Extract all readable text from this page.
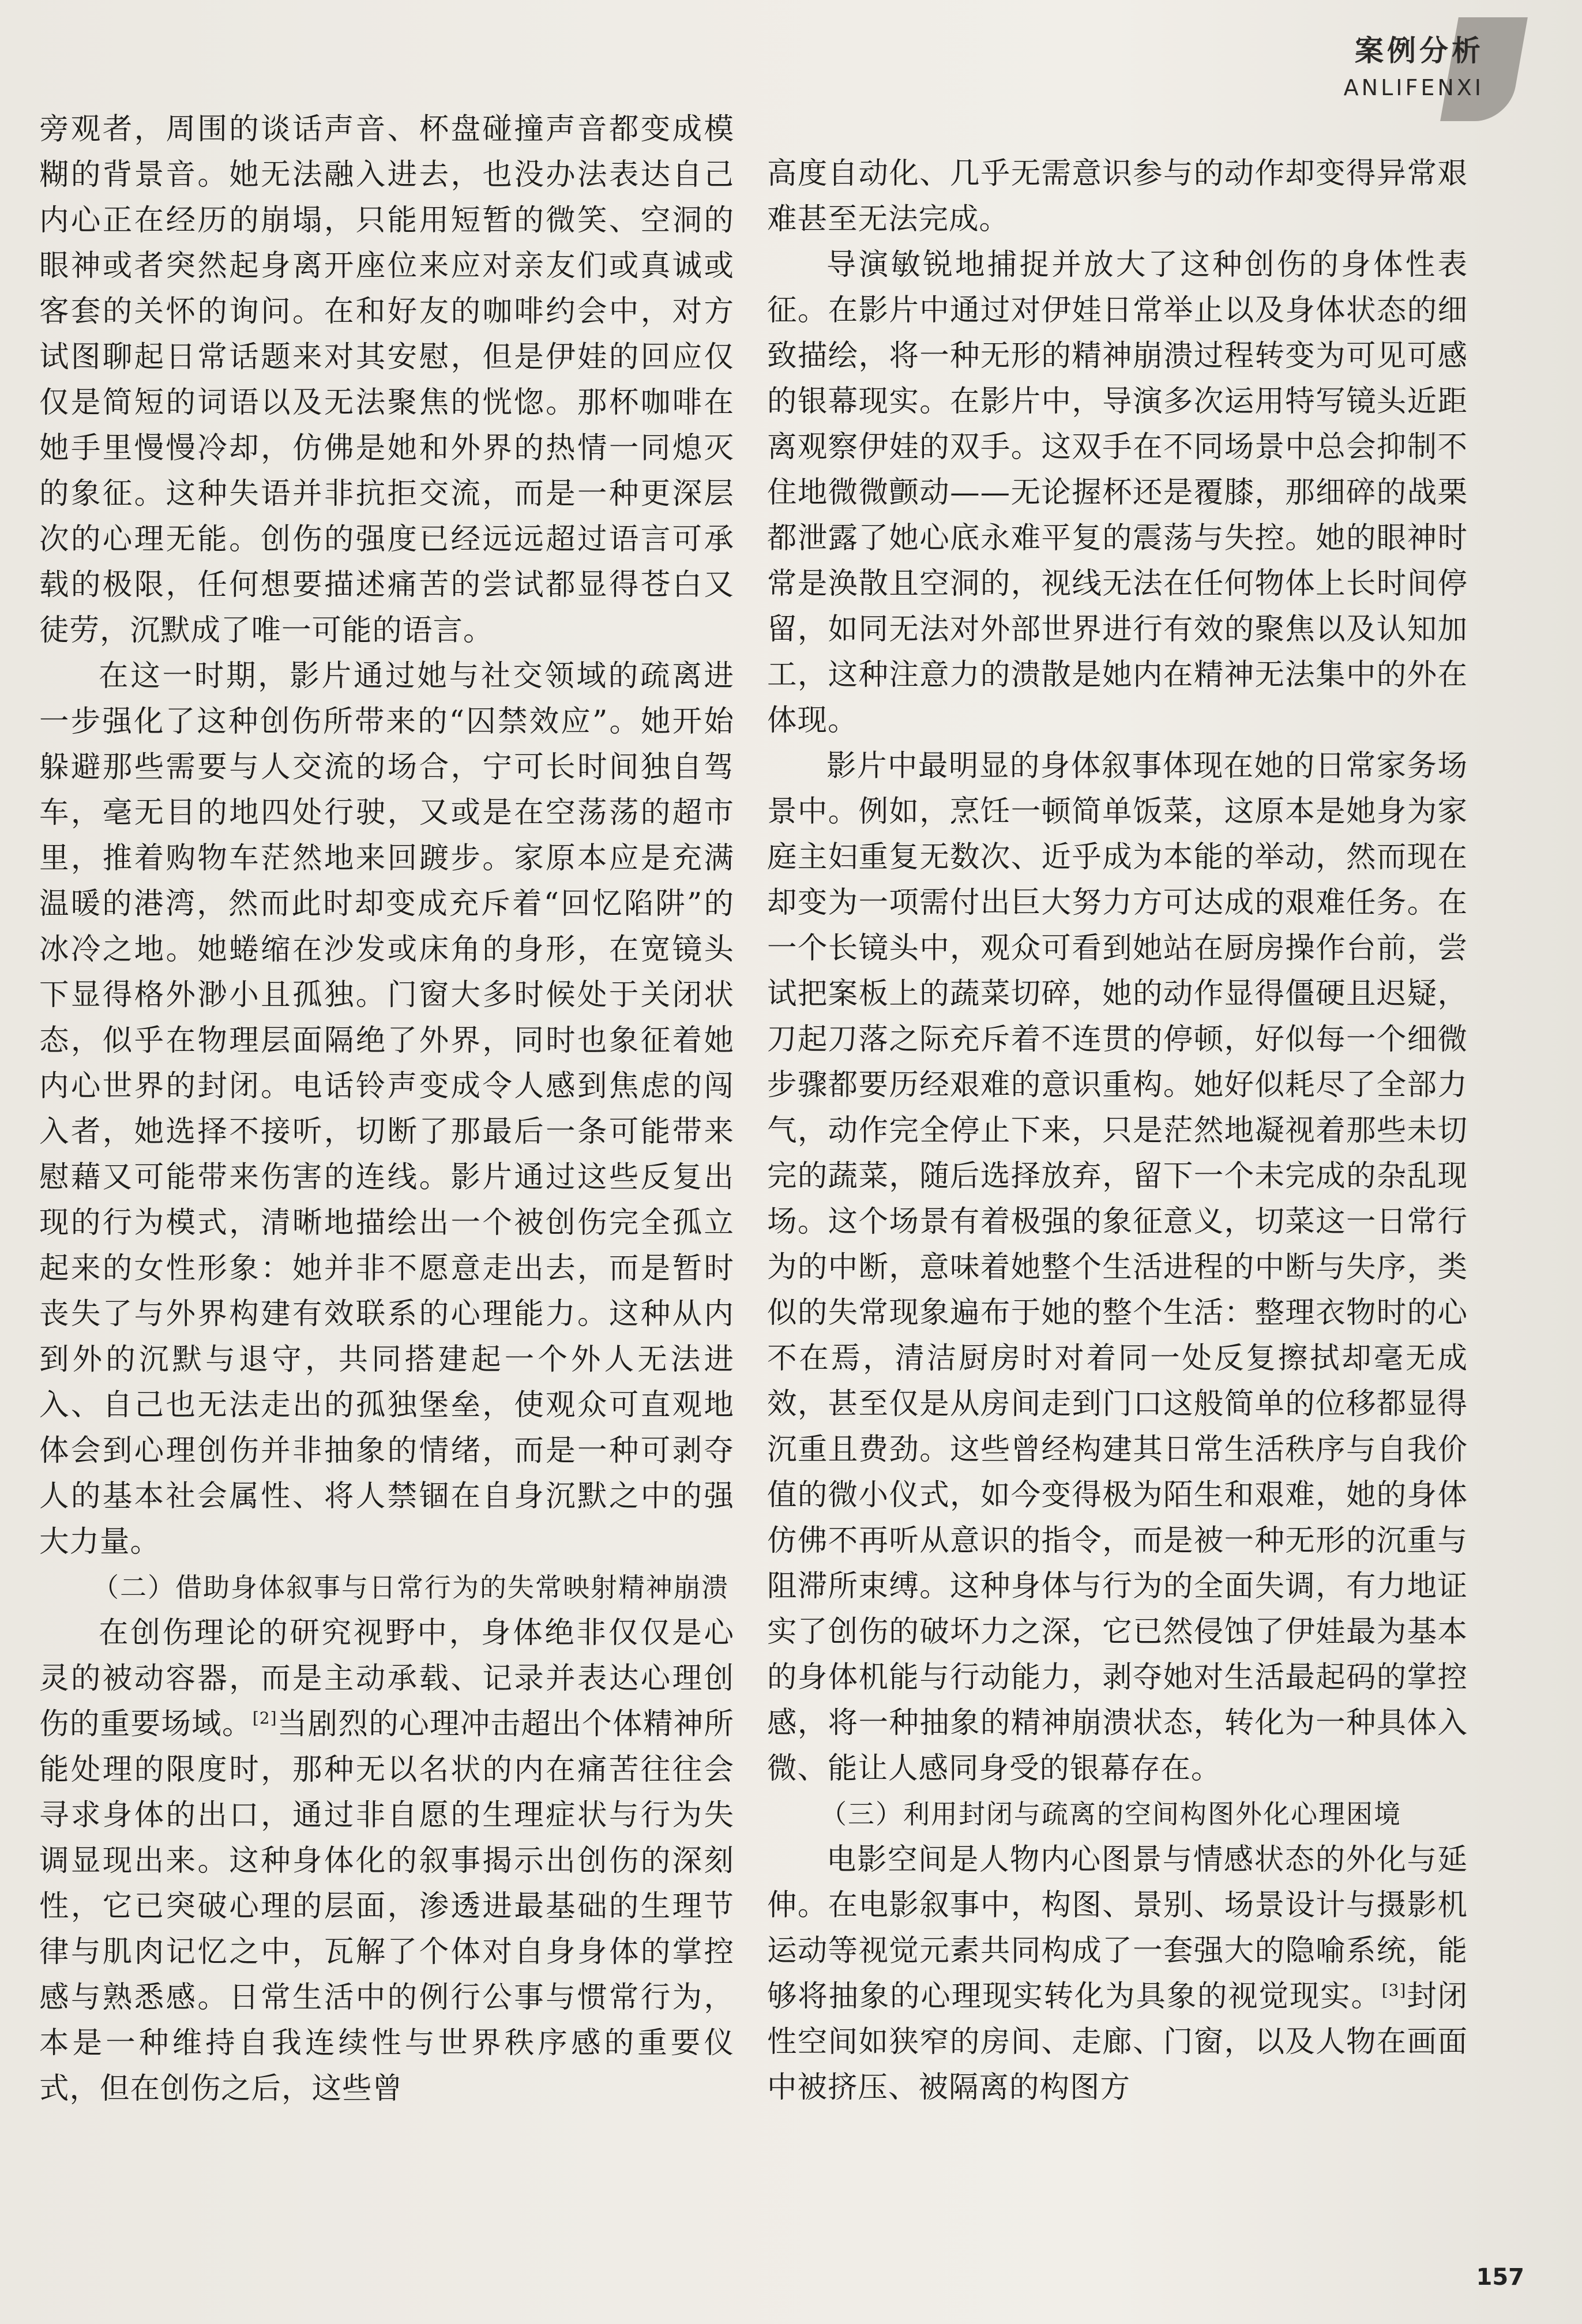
案例分析
ANLIFENXI

旁观者，周围的谈话声音、杯盘碰撞声音都变成模糊的背景音。她无法融入进去，也没办法表达自己内心正在经历的崩塌，只能用短暂的微笑、空洞的眼神或者突然起身离开座位来应对亲友们或真诚或客套的关怀的询问。在和好友的咖啡约会中，对方试图聊起日常话题来对其安慰，但是伊娃的回应仅仅是简短的词语以及无法聚焦的恍惚。那杯咖啡在她手里慢慢冷却，仿佛是她和外界的热情一同熄灭的象征。这种失语并非抗拒交流，而是一种更深层次的心理无能。创伤的强度已经远远超过语言可承载的极限，任何想要描述痛苦的尝试都显得苍白又徒劳，沉默成了唯一可能的语言。

在这一时期，影片通过她与社交领域的疏离进一步强化了这种创伤所带来的“囚禁效应”。她开始躲避那些需要与人交流的场合，宁可长时间独自驾车，毫无目的地四处行驶，又或是在空荡荡的超市里，推着购物车茫然地来回踱步。家原本应是充满温暖的港湾，然而此时却变成充斥着“回忆陷阱”的冰冷之地。她蜷缩在沙发或床角的身形，在宽镜头下显得格外渺小且孤独。门窗大多时候处于关闭状态，似乎在物理层面隔绝了外界，同时也象征着她内心世界的封闭。电话铃声变成令人感到焦虑的闯入者，她选择不接听，切断了那最后一条可能带来慰藉又可能带来伤害的连线。影片通过这些反复出现的行为模式，清晰地描绘出一个被创伤完全孤立起来的女性形象：她并非不愿意走出去，而是暂时丧失了与外界构建有效联系的心理能力。这种从内到外的沉默与退守，共同搭建起一个外人无法进入、自己也无法走出的孤独堡垒，使观众可直观地体会到心理创伤并非抽象的情绪，而是一种可剥夺人的基本社会属性、将人禁锢在自身沉默之中的强大力量。

（二）借助身体叙事与日常行为的失常映射精神崩溃

在创伤理论的研究视野中，身体绝非仅仅是心灵的被动容器，而是主动承载、记录并表达心理创伤的重要场域。[2]当剧烈的心理冲击超出个体精神所能处理的限度时，那种无以名状的内在痛苦往往会寻求身体的出口，通过非自愿的生理症状与行为失调显现出来。这种身体化的叙事揭示出创伤的深刻性，它已突破心理的层面，渗透进最基础的生理节律与肌肉记忆之中，瓦解了个体对自身身体的掌控感与熟悉感。日常生活中的例行公事与惯常行为，本是一种维持自我连续性与世界秩序感的重要仪式，但在创伤之后，这些曾

高度自动化、几乎无需意识参与的动作却变得异常艰难甚至无法完成。

导演敏锐地捕捉并放大了这种创伤的身体性表征。在影片中通过对伊娃日常举止以及身体状态的细致描绘，将一种无形的精神崩溃过程转变为可见可感的银幕现实。在影片中，导演多次运用特写镜头近距离观察伊娃的双手。这双手在不同场景中总会抑制不住地微微颤动——无论握杯还是覆膝，那细碎的战栗都泄露了她心底永难平复的震荡与失控。她的眼神时常是涣散且空洞的，视线无法在任何物体上长时间停留，如同无法对外部世界进行有效的聚焦以及认知加工，这种注意力的溃散是她内在精神无法集中的外在体现。

影片中最明显的身体叙事体现在她的日常家务场景中。例如，烹饪一顿简单饭菜，这原本是她身为家庭主妇重复无数次、近乎成为本能的举动，然而现在却变为一项需付出巨大努力方可达成的艰难任务。在一个长镜头中，观众可看到她站在厨房操作台前，尝试把案板上的蔬菜切碎，她的动作显得僵硬且迟疑，刀起刀落之际充斥着不连贯的停顿，好似每一个细微步骤都要历经艰难的意识重构。她好似耗尽了全部力气，动作完全停止下来，只是茫然地凝视着那些未切完的蔬菜，随后选择放弃，留下一个未完成的杂乱现场。这个场景有着极强的象征意义，切菜这一日常行为的中断，意味着她整个生活进程的中断与失序，类似的失常现象遍布于她的整个生活：整理衣物时的心不在焉，清洁厨房时对着同一处反复擦拭却毫无成效，甚至仅是从房间走到门口这般简单的位移都显得沉重且费劲。这些曾经构建其日常生活秩序与自我价值的微小仪式，如今变得极为陌生和艰难，她的身体仿佛不再听从意识的指令，而是被一种无形的沉重与阻滞所束缚。这种身体与行为的全面失调，有力地证实了创伤的破坏力之深，它已然侵蚀了伊娃最为基本的身体机能与行动能力，剥夺她对生活最起码的掌控感，将一种抽象的精神崩溃状态，转化为一种具体入微、能让人感同身受的银幕存在。

（三）利用封闭与疏离的空间构图外化心理困境

电影空间是人物内心图景与情感状态的外化与延伸。在电影叙事中，构图、景别、场景设计与摄影机运动等视觉元素共同构成了一套强大的隐喻系统，能够将抽象的心理现实转化为具象的视觉现实。[3]封闭性空间如狭窄的房间、走廊、门窗，以及人物在画面中被挤压、被隔离的构图方

157
